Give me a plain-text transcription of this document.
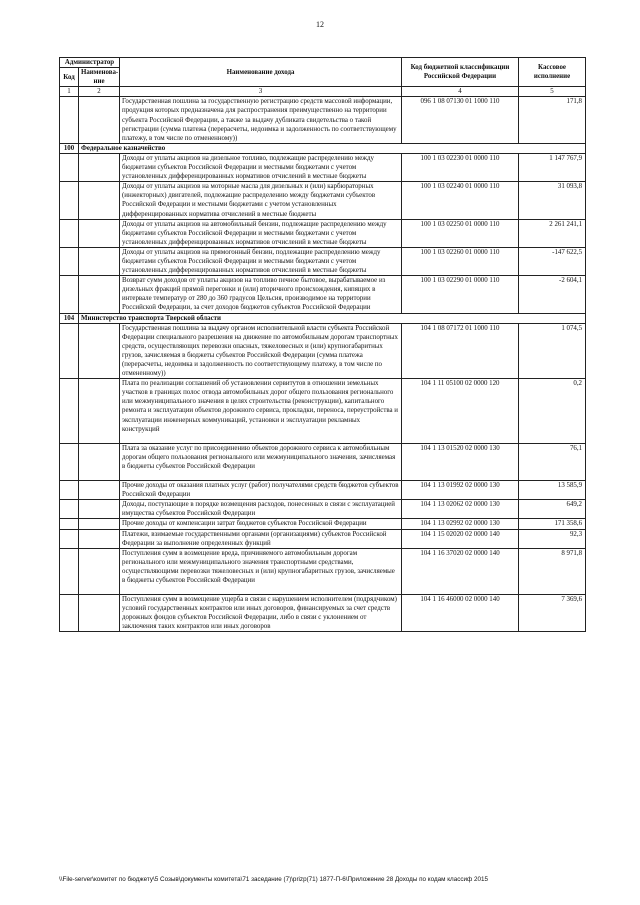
12
Администратор		Наименование дохода	Код бюджетной классификации Российской Федерации	Кассовое исполнение
Код	Наименова-ние			
1	2	3	4	5
		Государственная пошлина за государственную регистрацию средств массовой информации, продукция которых предназначена для распространения преимущественно на территории субъекта Российской Федерации, а также за выдачу дубликата свидетельства о такой регистрации (сумма платежа (перерасчеты, недоимка и задолженность по соответствующему платежу, в том числе по отмененному))	096 1 08 07130 01 1000 110	171,8
100	Федеральное казначейство			
		Доходы от уплаты акцизов на дизельное топливо, подлежащие распределению между бюджетами субъектов Российской Федерации и местными бюджетами с учетом установленных дифференцированных нормативов отчислений в местные бюджеты	100 1 03 02230 01 0000 110	1 147 767,9
		Доходы от уплаты акцизов на моторные масла для дизельных и (или) карбюраторных (инжекторных) двигателей, подлежащие распределению между бюджетами субъектов Российской Федерации и местными бюджетами с учетом установленных дифференцированных норматива отчислений в местные бюджеты	100 1 03 02240 01 0000 110	31 093,8
		Доходы от уплаты акцизов на автомобильный бензин, подлежащие распределению между бюджетами субъектов Российской Федерации и местными бюджетами с учетом установленных дифференцированных нормативов отчислений в местные бюджеты	100 1 03 02250 01 0000 110	2 261 241,1
		Доходы от уплаты акцизов на прямогонный бензин, подлежащие распределению между бюджетами субъектов Российской Федерации и местными бюджетами с учетом установленных дифференцированных нормативов отчислений в местные бюджеты	100 1 03 02260 01 0000 110	-147 622,5
		Возврат сумм доходов от уплаты акцизов на топливо печное бытовое, вырабатываемое из дизельных фракций прямой перегонки и (или) вторичного происхождения, кипящих в интервале температур от 280 до 360 градусов Цельсия, производимое на территории Российской Федерации, за счет доходов бюджетов субъектов Российской Федерации	100 1 03 02290 01 0000 110	-2 604,1
104	Министерство транспорта Тверской области			
		Государственная пошлина за выдачу органом исполнительной власти субъекта Российской Федерации специального разрешения на движение по автомобильным дорогам транспортных средств, осуществляющих перевозки опасных, тяжеловесных и (или) крупногабаритных грузов, зачисляемая в бюджеты субъектов Российской Федерации (сумма платежа (перерасчеты, недоимка и задолженность по соответствующему платежу, в том числе по отмененному))	104 1 08 07172 01 1000 110	1 074,5
		Плата по реализации соглашений об установлении сервитутов в отношении земельных участков в границах полос отвода автомобильных дорог общего пользования регионального или межмуниципального значения в целях строительства (реконструкции), капитального ремонта и эксплуатации объектов дорожного сервиса, прокладки, переноса, переустройства и эксплуатации инженерных коммуникаций, установки и эксплуатации рекламных конструкций	104 1 11 05100 02 0000 120	0,2
		Плата за оказание услуг по присоединению объектов дорожного сервиса к автомобильным дорогам общего пользования регионального или межмуниципального значения, зачисляемая в бюджеты субъектов Российской Федерации	104 1 13 01520 02 0000 130	76,1
		Прочие доходы от оказания платных услуг (работ) получателями средств бюджетов субъектов Российской Федерации	104 1 13 01992 02 0000 130	13 585,9
		Доходы, поступающие в порядке возмещения расходов, понесенных в связи с эксплуатацией имущества субъектов Российской Федерации	104 1 13 02062 02 0000 130	649,2
		Прочие доходы от компенсации затрат бюджетов субъектов Российской Федерации	104 1 13 02992 02 0000 130	171 358,6
		Платежи, взимаемые государственными органами (организациями) субъектов Российской Федерации за выполнение определенных функций	104 1 15 02020 02 0000 140	92,3
		Поступления сумм в возмещение вреда, причиняемого автомобильным дорогам регионального или межмуниципального значения транспортными средствами, осуществляющими перевозки тяжеловесных и (или) крупногабаритных грузов, зачисляемые в бюджеты субъектов Российской Федерации	104 1 16 37020 02 0000 140	8 971,8
		Поступления сумм в возмещение ущерба в связи с нарушением исполнителем (подрядчиком) условий государственных контрактов или иных договоров, финансируемых за счет средств дорожных фондов субъектов Российской Федерации, либо в связи с уклонением от заключения таких контрактов или иных договоров	104 1 16 46000 02 0000 140	7 369,6
\\File-server\комитет по бюджету\5 Созыв\документы комитета\71 заседание (7)\prizp(71) 1877-П-6\Приложение 28 Доходы по кодам классиф 2015
